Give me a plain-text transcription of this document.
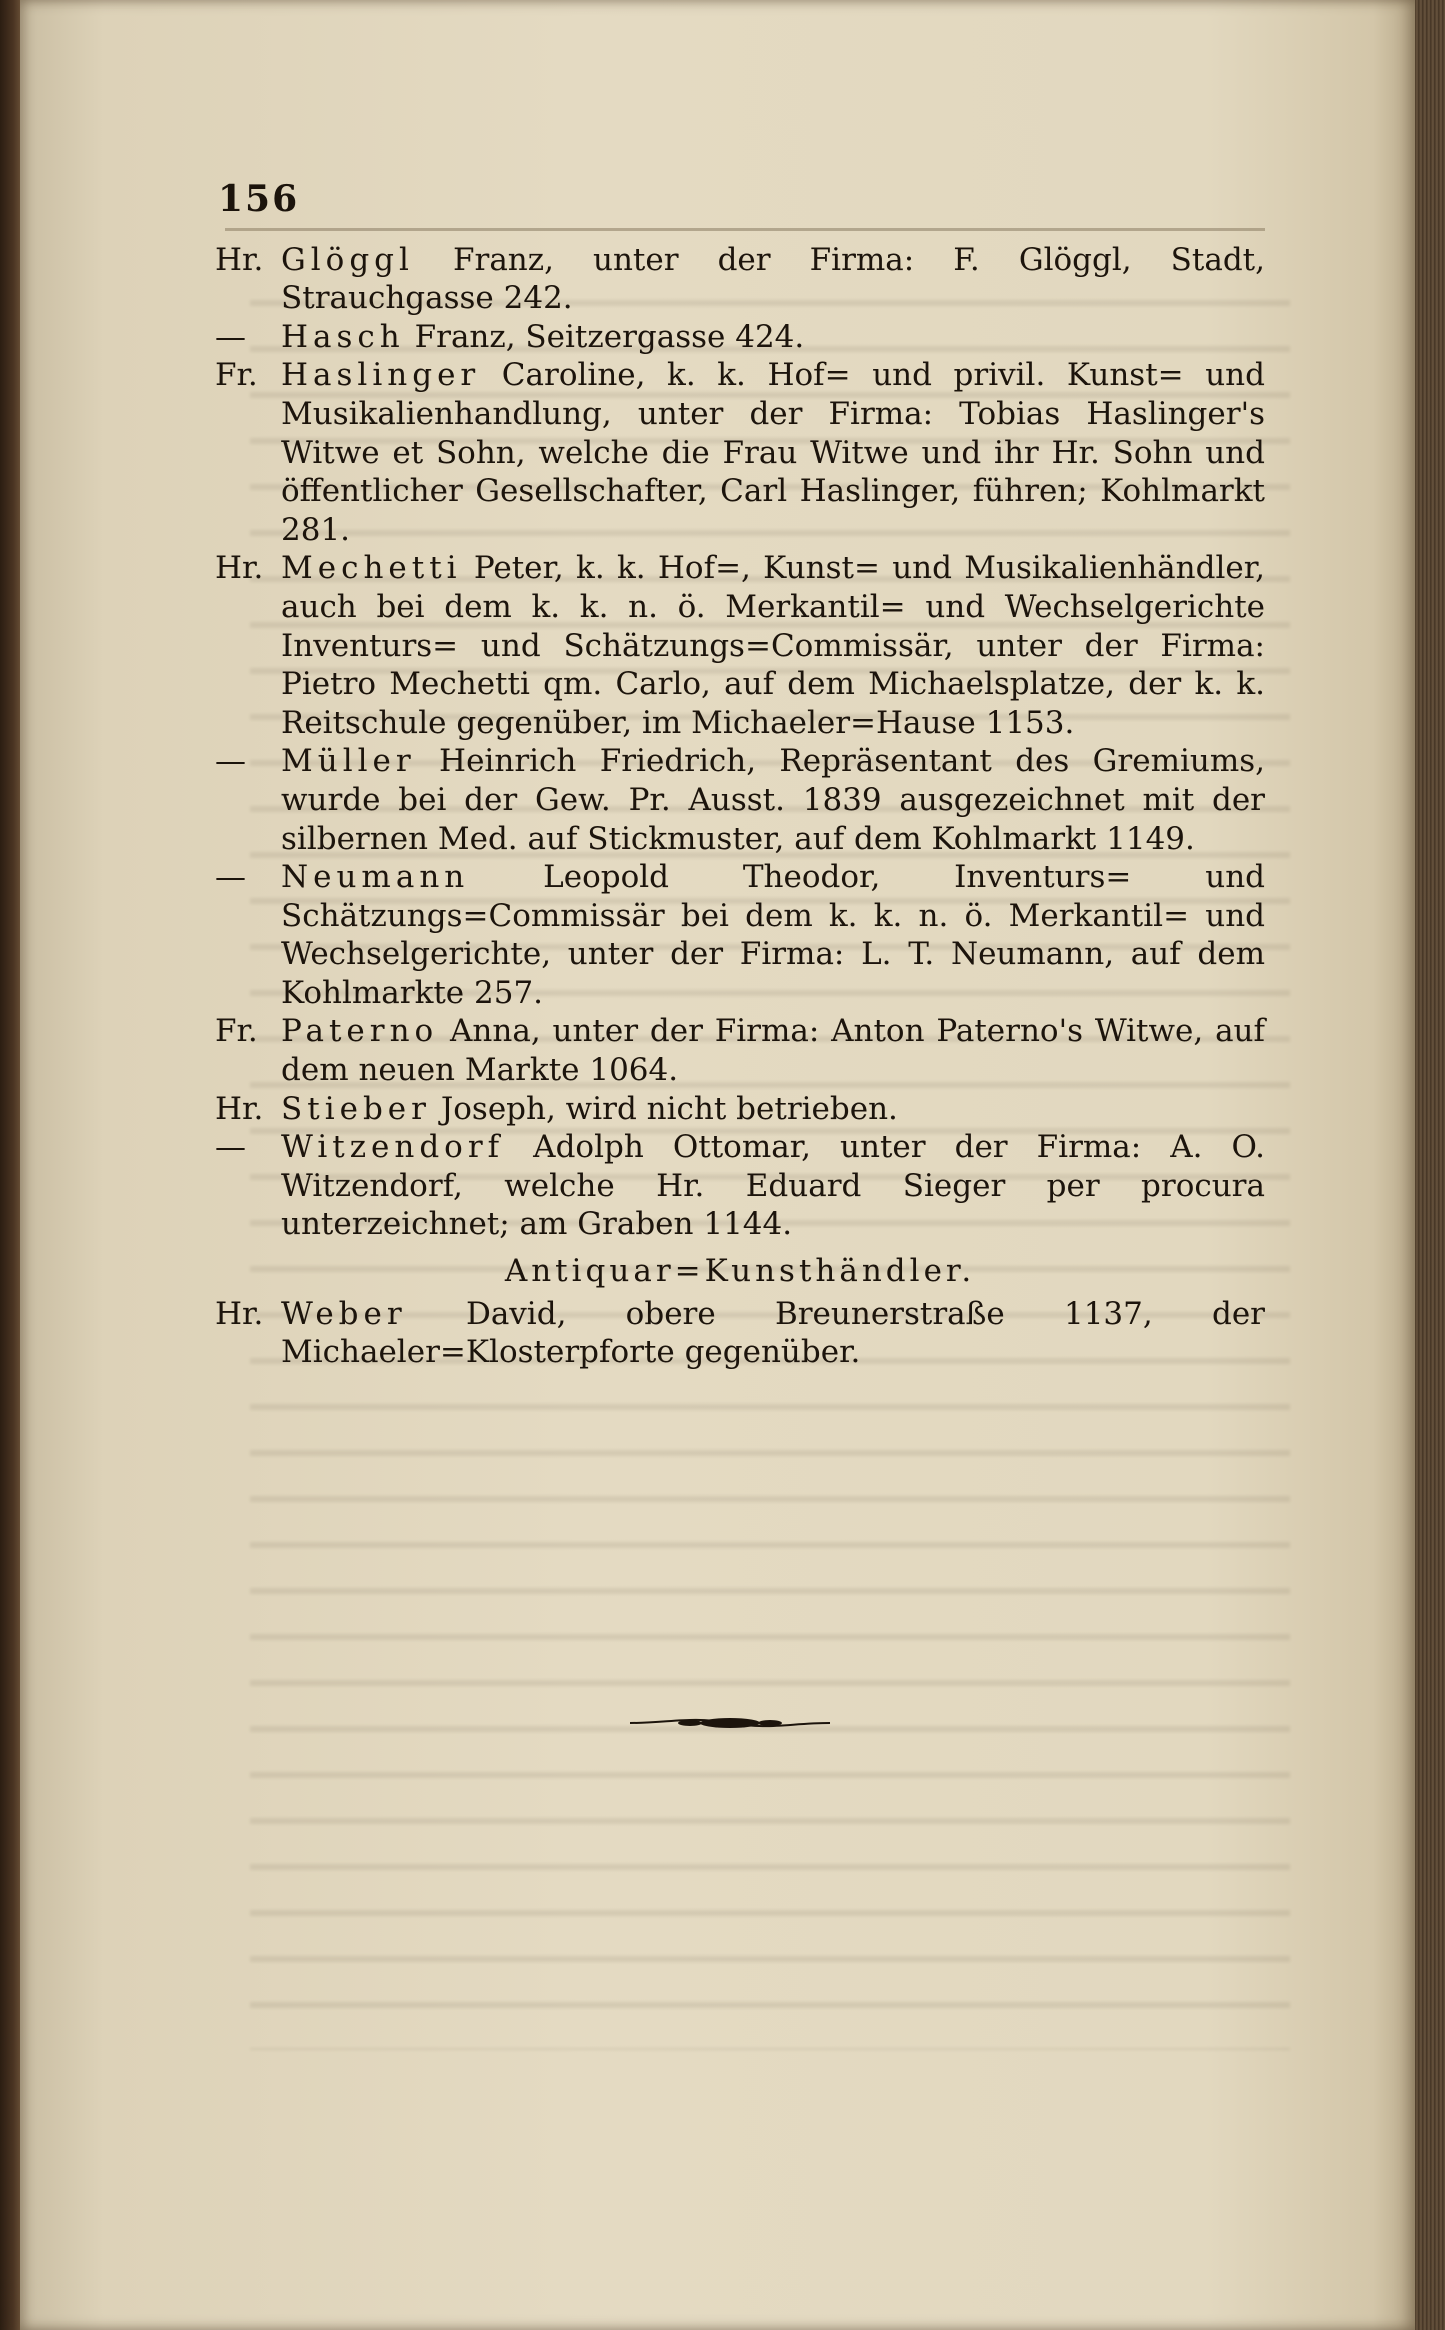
156
Hr. Glöggl Franz, unter der Firma: F. Glöggl, Stadt, Strauchgasse 242.
—	Hasch Franz, Seitzergasse 424.
Fr. Haslinger Caroline, k. k. Hof= und privil. Kunst= und Musikalienhandlung, unter der Firma: Tobias Haslinger's Witwe et Sohn, welche die Frau Witwe und ihr Hr. Sohn und öffentlicher Gesellschafter, Carl Haslinger, führen; Kohlmarkt 281.
Hr. Mechetti Peter, k. k. Hof=, Kunst= und Musikalienhändler, auch bei dem k. k. n. ö. Merkantil= und Wechselgerichte Inventurs= und Schätzungs=Commissär, unter der Firma: Pietro Mechetti qm. Carlo, auf dem Michaelsplatze, der k. k. Reitschule gegenüber, im Michaeler=Hause 1153.
—	Müller Heinrich Friedrich, Repräsentant des Gremiums, wurde bei der Gew. Pr. Ausst. 1839 ausgezeichnet mit der silbernen Med. auf Stickmuster, auf dem Kohlmarkt 1149.
—	Neumann Leopold Theodor, Inventurs= und Schätzungs=Commissär bei dem k. k. n. ö. Merkantil= und Wechselgerichte, unter der Firma: L. T. Neumann, auf dem Kohlmarkte 257.
Fr. Paterno Anna, unter der Firma: Anton Paterno's Witwe, auf dem neuen Markte 1064.
Hr. Stieber Joseph, wird nicht betrieben.
—	Witzendorf Adolph Ottomar, unter der Firma: A. O. Witzendorf, welche Hr. Eduard Sieger per procura unterzeichnet; am Graben 1144.
Antiquar=Kunsthändler.
Hr. Weber David, obere Breunerstraße 1137, der Michaeler=Klosterpforte gegenüber.
